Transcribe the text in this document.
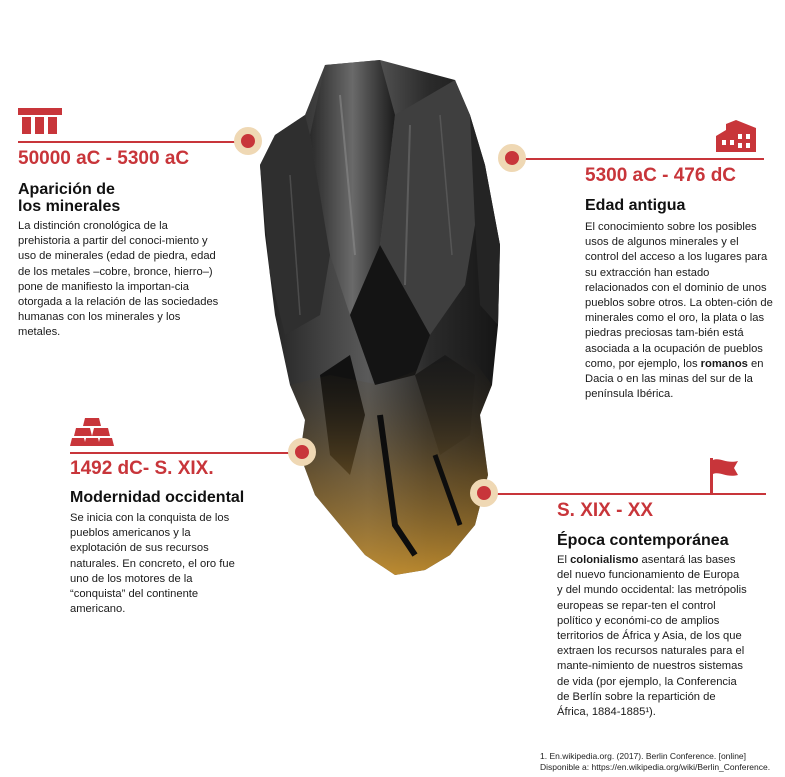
50000 aC - 5300 aC
Aparición de
los minerales
La distinción cronológica de la prehistoria a partir del conoci-miento y uso de minerales (edad de piedra, edad de los metales –cobre, bronce, hierro–) pone de manifiesto la importan-cia otorgada a la relación de las sociedades humanas con los minerales y los metales.
5300 aC - 476 dC
Edad antigua
El conocimiento sobre los posibles usos de algunos minerales y el control del acceso a los lugares para su extracción han estado relacionados con el dominio de unos pueblos sobre otros. La obten-ción de minerales como el oro, la plata o las piedras preciosas tam-bién está asociada a la ocupación de pueblos como, por ejemplo, los romanos en Dacia o en las minas del sur de la península Ibérica.
1492 dC- S. XIX.
Modernidad occidental
Se inicia con la conquista de los pueblos americanos y la explotación de sus recursos naturales. En concreto, el oro fue uno de los motores de la “conquista” del continente americano.
S. XIX - XX
Época contemporánea
El colonialismo asentará las bases del nuevo funcionamiento de Europa y del mundo occidental: las metrópolis europeas se repar-ten el control político y económi-co de amplios territorios de África y Asia, de los que extraen los recursos naturales para el mante-nimiento de nuestros sistemas de vida (por ejemplo, la Conferencia de Berlín sobre la repartición de África, 1884-1885¹).
1. En.wikipedia.org. (2017). Berlin Conference. [online]
Disponible a: https://en.wikipedia.org/wiki/Berlin_Conference.
